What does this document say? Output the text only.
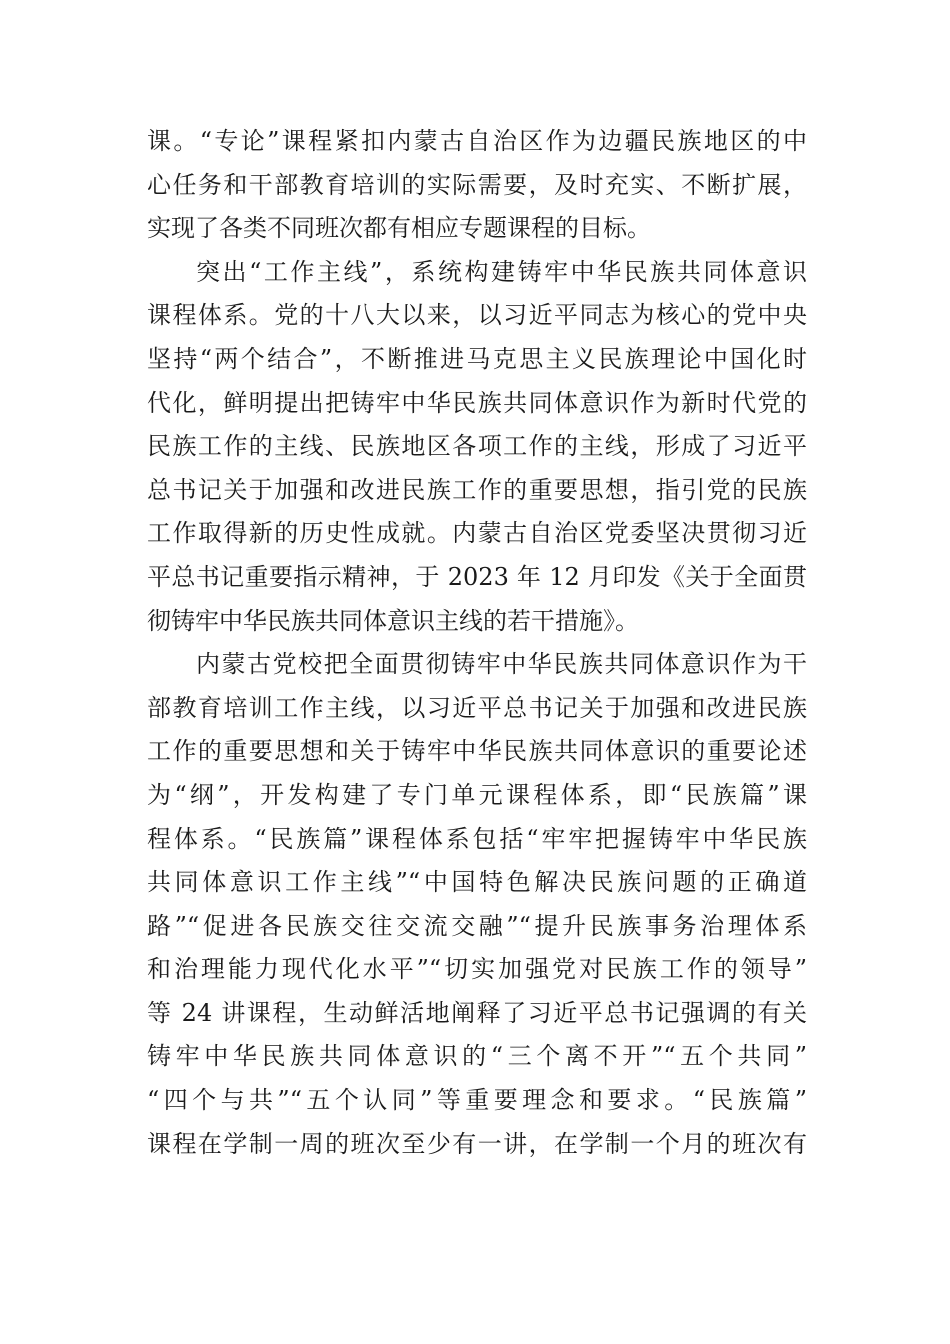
课。“专论”课程紧扣内蒙古自治区作为边疆民族地区的中
心任务和干部教育培训的实际需要，及时充实、不断扩展，
实现了各类不同班次都有相应专题课程的目标。
突出“工作主线”，系统构建铸牢中华民族共同体意识
课程体系。党的十八大以来，以习近平同志为核心的党中央
坚持“两个结合”，不断推进马克思主义民族理论中国化时
代化，鲜明提出把铸牢中华民族共同体意识作为新时代党的
民族工作的主线、民族地区各项工作的主线，形成了习近平
总书记关于加强和改进民族工作的重要思想，指引党的民族
工作取得新的历史性成就。内蒙古自治区党委坚决贯彻习近
平总书记重要指示精神，于 2023 年 12 月印发《关于全面贯
彻铸牢中华民族共同体意识主线的若干措施》。
内蒙古党校把全面贯彻铸牢中华民族共同体意识作为干
部教育培训工作主线，以习近平总书记关于加强和改进民族
工作的重要思想和关于铸牢中华民族共同体意识的重要论述
为“纲”，开发构建了专门单元课程体系，即“民族篇”课
程体系。“民族篇”课程体系包括“牢牢把握铸牢中华民族
共同体意识工作主线”“中国特色解决民族问题的正确道
路”“促进各民族交往交流交融”“提升民族事务治理体系
和治理能力现代化水平”“切实加强党对民族工作的领导”
等 24 讲课程，生动鲜活地阐释了习近平总书记强调的有关
铸牢中华民族共同体意识的“三个离不开”“五个共同”
“四个与共”“五个认同”等重要理念和要求。“民族篇”
课程在学制一周的班次至少有一讲，在学制一个月的班次有
